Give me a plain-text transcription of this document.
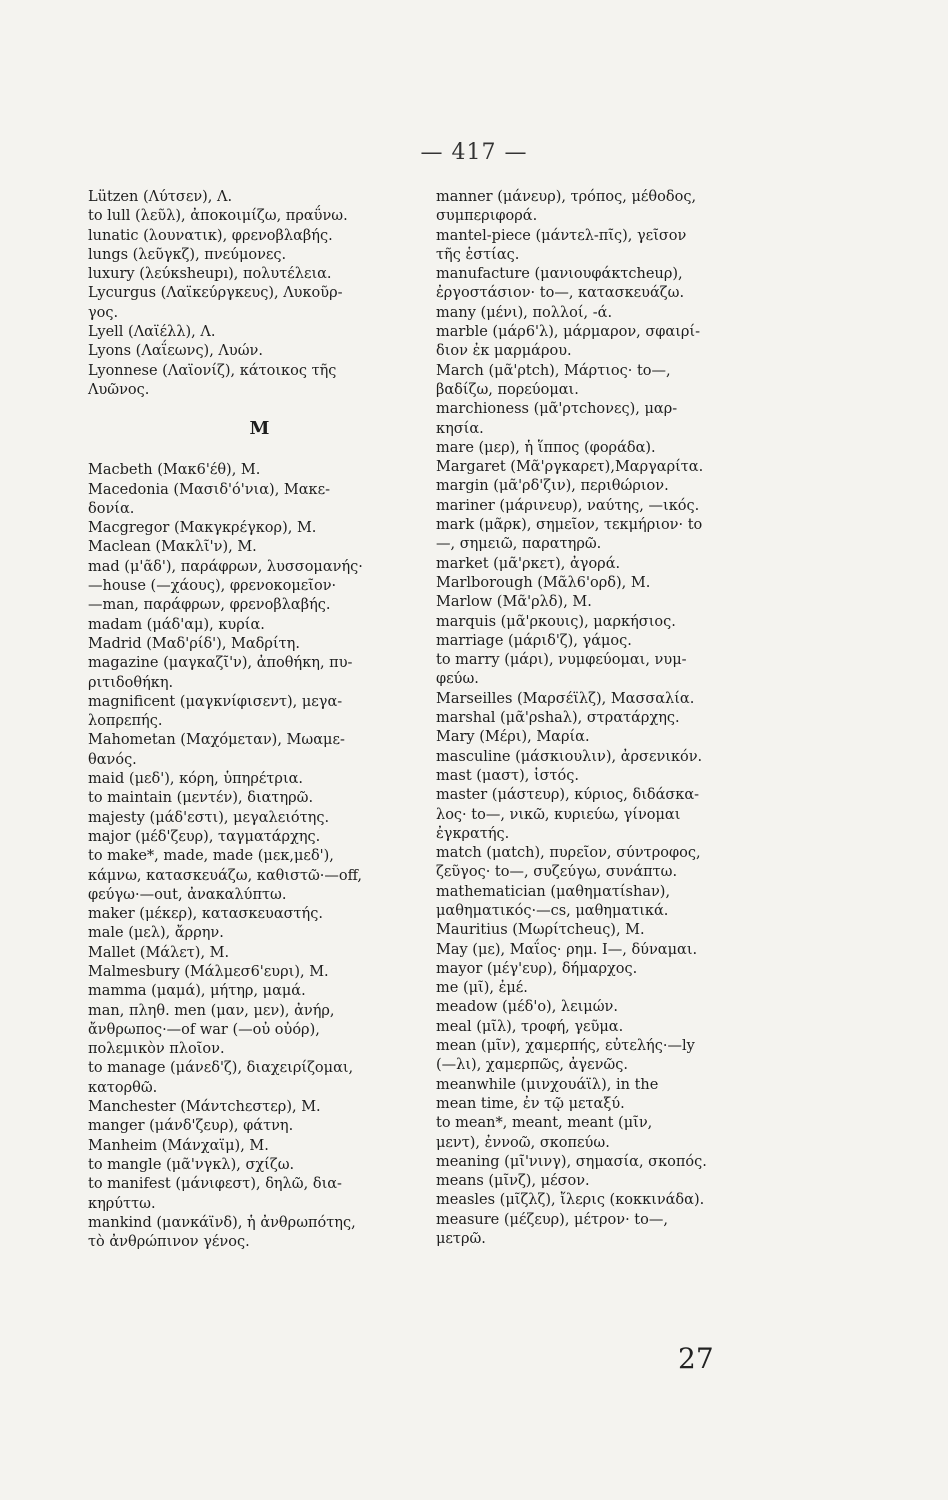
— 417 —
Lützen (Λύτσεν), Λ.
to lull (λεῦλ), ἀποκοιμίζω, πραΰνω.
lunatic (λουνατικ), φρενοβλαβής.
lungs (λεῦγκζ), πνεύμονες.
luxury (λεύκsheupı), πολυτέλεια.
Lycurgus (Λαϊκεύργκευς), Λυκοῦρ-
γος.
Lyell (Λαϊέλλ), Λ.
Lyons (Λαΐεωνς), Λυών.
Lyonnese (Λαϊονίζ), κάτοικος τῆς
Λυῶνος.
M
Macbeth (Μακ6'έθ), M.
Macedonia (Μασιδ'ό'νια), Μακε-
δονία.
Macgregor (Μακγκρέγκορ), M.
Maclean (Μακλῖ'ν), M.
mad (μ'ᾶδ'), παράφρων, λυσσομανής·
—house (—χάους), φρενοκομεῖον·
—man, παράφρων, φρενοβλαβής.
madam (μάδ'αμ), κυρία.
Madrid (Μαδ'ρίδ'), Μαδρίτη.
magazine (μαγκαζῖ'ν), ἀποθήκη, πυ-
ριτιδοθήκη.
magnificent (μαγκνίφισεντ), μεγα-
λοπρεπής.
Mahometan (Μαχόμεταν), Μωαμε-
θανός.
maid (μεδ'), κόρη, ὑπηρέτρια.
to maintain (μεντέν), διατηρῶ.
majesty (μάδ'εστι), μεγαλειότης.
major (μέδ'ζευρ), ταγματάρχης.
to make*, made, made (μεκ,μεδ'),
κάμνω, κατασκευάζω, καθιστῶ·—off,
φεύγω·—out, ἀνακαλύπτω.
maker (μέκερ), κατασκευαστής.
male (μελ), ἄρρην.
Mallet (Μάλετ), M.
Malmesbury (Μάλμεσ6'ευρι), M.
mamma (μαμά), μήτηρ, μαμά.
man, πληθ. men (μαν, μεν), ἀνήρ,
ἄνθρωπος·—of war (—οὐ οὐόρ),
πολεμικὸν πλοῖον.
to manage (μάνεδ'ζ), διαχειρίζομαι,
κατορθῶ.
Manchester (Μάντchεστερ), M.
manger (μάνδ'ζευρ), φάτνη.
Manheim (Μάνχαϊμ), M.
to mangle (μᾶ'νγκλ), σχίζω.
to manifest (μάνιφεστ), δηλῶ, δια-
κηρύττω.
mankind (μανκάϊνδ), ἡ ἀνθρωπότης,
τὸ ἀνθρώπινον γένος.
manner (μάνευρ), τρόπος, μέθοδος,
συμπεριφορά.
mantel-piece (μάντελ-πῖς), γεῖσον
τῆς ἑστίας.
manufacture (μανιουφάκτcheuρ),
ἐργοστάσιον· to—, κατασκευάζω.
many (μένι), πολλοί, -ά.
marble (μάρ6'λ), μάρμαρον, σφαιρί-
διον ἐκ μαρμάρου.
March (μᾶ'ρtch), Μάρτιος· to—,
βαδίζω, πορεύομαι.
marchioness (μᾶ'ρτchονες), μαρ-
κησία.
mare (μερ), ἡ ἵππος (φοράδα).
Margaret (Μᾶ'ργκαρετ),Μαργαρίτα.
margin (μᾶ'ρδ'ζιν), περιθώριον.
mariner (μάρινευρ), ναύτης, —ικός.
mark (μᾶρκ), σημεῖον, τεκμήριον· to
—, σημειῶ, παρατηρῶ.
market (μᾶ'ρκετ), ἀγορά.
Marlborough (Μᾶλ6'ορδ), M.
Marlow (Μᾶ'ρλδ), M.
marquis (μᾶ'ρκουις), μαρκήσιος.
marriage (μάριδ'ζ), γάμος.
to marry (μάρι), νυμφεύομαι, νυμ-
φεύω.
Marseilles (Μαρσέϊλζ), Μασσαλία.
marshal (μᾶ'ρshaλ), στρατάρχης.
Mary (Μέρι), Μαρία.
masculine (μάσκιουλιν), ἀρσενικόν.
mast (μαστ), ἱστός.
master (μάστευρ), κύριος, διδάσκα-
λος· to—, νικῶ, κυριεύω, γίνομαι
ἐγκρατής.
match (μαtch), πυρεῖον, σύντροφος,
ζεῦγος· to—, συζεύγω, συνάπτω.
mathematician (μαθηματίshaν),
μαθηματικός·—cs, μαθηματικά.
Mauritius (Μωρίτcheuς), M.
May (με), Μαΐος· ρημ. I—, δύναμαι.
mayor (μέγ'ευρ), δήμαρχος.
me (μῖ), ἐμέ.
meadow (μέδ'ο), λειμών.
meal (μῖλ), τροφή, γεῦμα.
mean (μῖν), χαμερπής, εὐτελής·—ly
(—λι), χαμερπῶς, ἀγενῶς.
meanwhile (μινχουάϊλ), in the
mean time, ἐν τῷ μεταξύ.
to mean*, meant, meant (μῖν,
μεντ), ἐννοῶ, σκοπεύω.
meaning (μῖ'νινγ), σημασία, σκοπός.
means (μῖνζ), μέσον.
measles (μῖζλζ), ἴλερις (κοκκινάδα).
measure (μέζευρ), μέτρον· to—,
μετρῶ.
27
